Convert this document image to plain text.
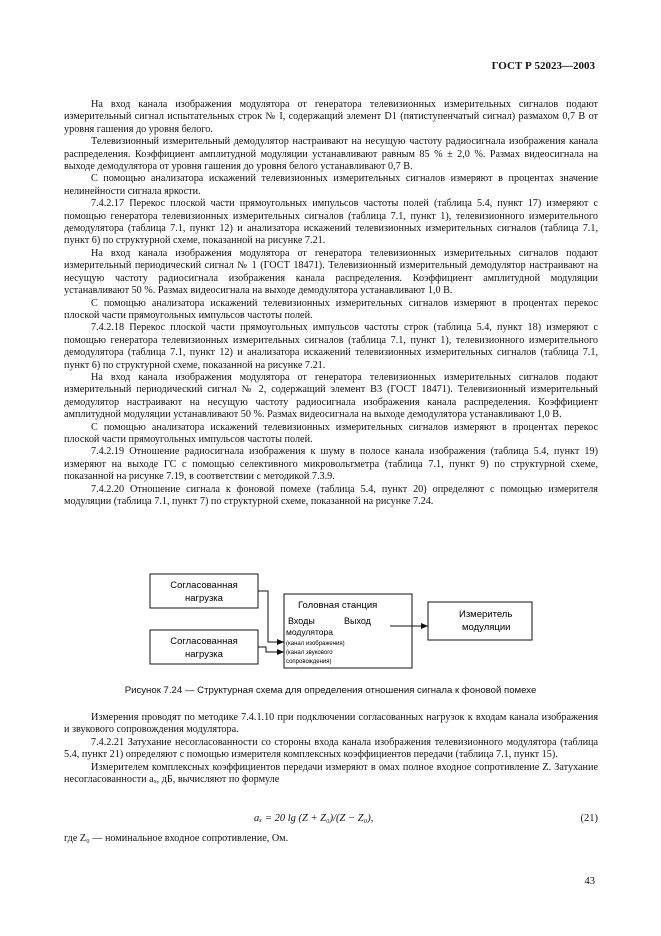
ГОСТ Р 52023—2003

На вход канала изображения модулятора от генератора телевизионных измерительных сигналов подают измерительный сигнал испытательных строк № I, содержащий элемент D1 (пятиступенчатый сигнал) размахом 0,7 В от уровня гашения до уровня белого.

Телевизионный измерительный демодулятор настраивают на несущую частоту радиосигнала изображения канала распределения. Коэффициент амплитудной модуляции устанавливают равным 85 % ± 2,0 %. Размах видеосигнала на выходе демодулятора от уровня гашения до уровня белого устанавливают 0,7 В.

С помощью анализатора искажений телевизионных измерительных сигналов измеряют в процентах значение нелинейности сигнала яркости.

7.4.2.17 Перекос плоской части прямоугольных импульсов частоты полей (таблица 5.4, пункт 17) измеряют с помощью генератора телевизионных измерительных сигналов (таблица 7.1, пункт 1), телевизионного измерительного демодулятора (таблица 7.1, пункт 12) и анализатора искажений телевизионных измерительных сигналов (таблица 7.1, пункт 6) по структурной схеме, показанной на рисунке 7.21.

На вход канала изображения модулятора от генератора телевизионных измерительных сигналов подают измерительный периодический сигнал № 1 (ГОСТ 18471). Телевизионный измерительный демодулятор настраивают на несущую частоту радиосигнала изображения канала распределения. Коэффициент амплитудной модуляции устанавливают 50 %. Размах видеосигнала на выходе демодулятора устанавливают 1,0 В.

С помощью анализатора искажений телевизионных измерительных сигналов измеряют в процентах перекос плоской части прямоугольных импульсов частоты полей.

7.4.2.18 Перекос плоской части прямоугольных импульсов частоты строк (таблица 5.4, пункт 18) измеряют с помощью генератора телевизионных измерительных сигналов (таблица 7.1, пункт 1), телевизионного измерительного демодулятора (таблица 7.1, пункт 12) и анализатора искажений телевизионных измерительных сигналов (таблица 7.1, пункт 6) по структурной схеме, показанной на рисунке 7.21.

На вход канала изображения модулятора от генератора телевизионных измерительных сигналов подают измерительный периодический сигнал № 2, содержащий элемент B3 (ГОСТ 18471). Телевизионный измерительный демодулятор настраивают на несущую частоту радиосигнала изображения канала распределения. Коэффициент амплитудной модуляции устанавливают 50 %. Размах видеосигнала на выходе демодулятора устанавливают 1,0 В.

С помощью анализатора искажений телевизионных измерительных сигналов измеряют в процентах перекос плоской части прямоугольных импульсов частоты полей.

7.4.2.19 Отношение радиосигнала изображения к шуму в полосе канала изображения (таблица 5.4, пункт 19) измеряют на выходе ГС с помощью селективного микровольтметра (таблица 7.1, пункт 9) по структурной схеме, показанной на рисунке 7.19, в соответствии с методикой 7.3.9.

7.4.2.20 Отношение сигнала к фоновой помехе (таблица 5.4, пункт 20) определяют с помощью измерителя модуляции (таблица 7.1, пункт 7) по структурной схеме, показанной на рисунке 7.24.

Согласованная
нагрузка
Согласованная
нагрузка
Головная станция
Входы	Выход
модулятора
(канал изображения)
(канал звукового
сопровождения)
Измеритель
модуляции
Рисунок 7.24 — Структурная схема для определения отношения сигнала к фоновой помехе

Измерения проводят по методике 7.4.1.10 при подключении согласованных нагрузок к входам канала изображения и звукового сопровождения модулятора.

7.4.2.21 Затухание несогласованности со стороны входа канала изображения телевизионного модулятора (таблица 5.4, пункт 21) определяют с помощью измерителя комплексных коэффициентов передачи (таблица 7.1, пункт 15).

Измерителем комплексных коэффициентов передачи измеряют в омах полное входное сопротивление Z. Затухание несогласованности aₓ, дБ, вычисляют по формуле

aₓ = 20 lg (Z + Z₀)/(Z − Z₀),	(21)
где Z₀ — номинальное входное сопротивление, Ом.
43
